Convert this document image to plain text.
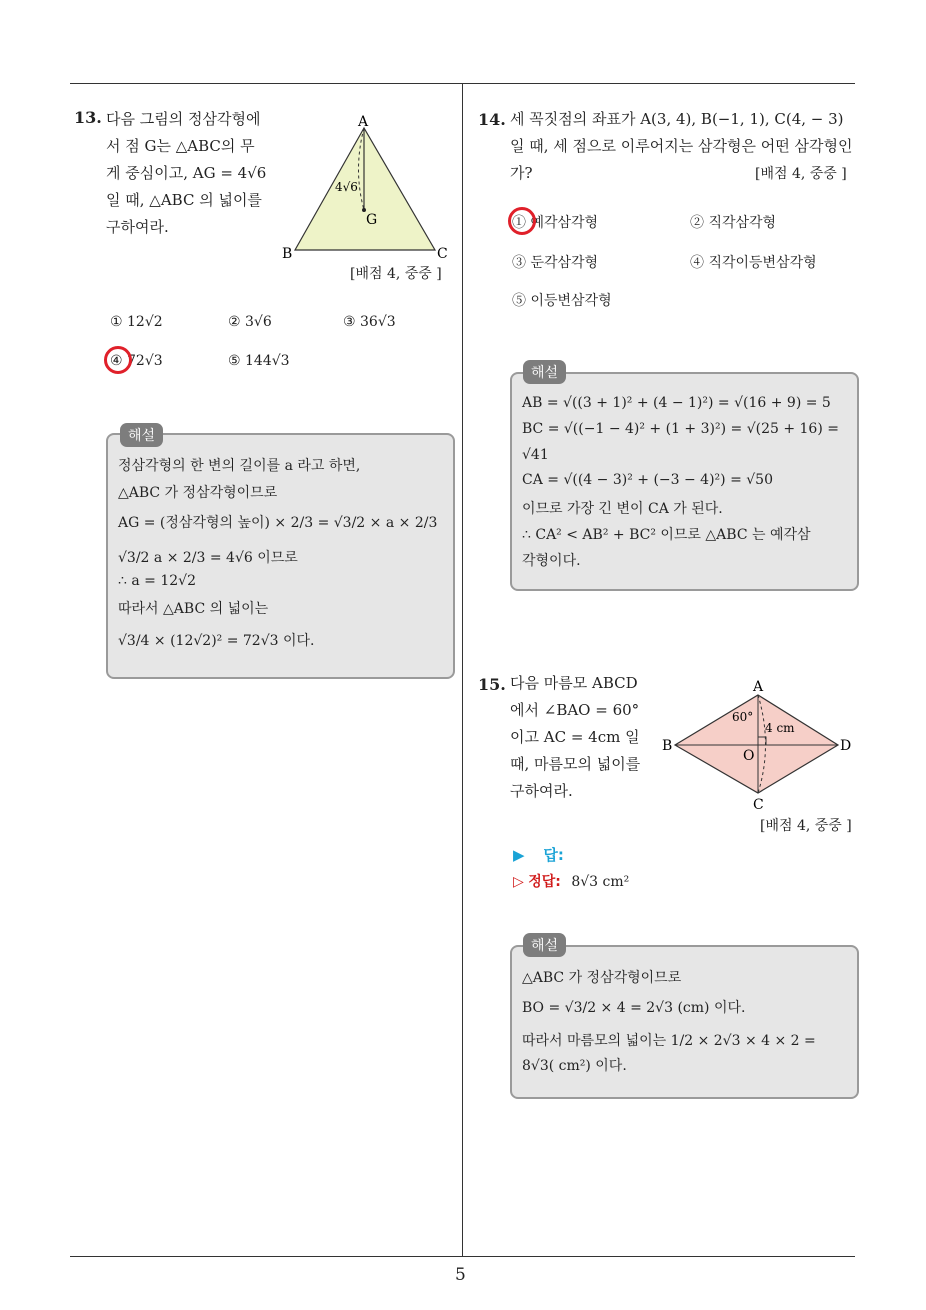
5
13. 다음 그림의 정삼각형에
서 점 G는 △ABC의 무
게 중심이고, AG = 4√6
일 때, △ABC 의 넓이를
구하여라.
A
B	C
G
4√6
[배점 4, 중중 ]
① 12√2	② 3√6	③ 36√3
④ 72√3	⑤ 144√3
해설
정삼각형의 한 변의 길이를 a 라고 하면,
△ABC 가 정삼각형이므로
AG = (정삼각형의 높이) × 2/3 = √3/2 × a × 2/3
√3/2 a × 2/3 = 4√6 이므로
∴ a = 12√2
따라서 △ABC 의 넓이는
√3/4 × (12√2)² = 72√3 이다.
14. 세 꼭짓점의 좌표가 A(3, 4), B(−1, 1), C(4, − 3)
일 때, 세 점으로 이루어지는 삼각형은 어떤 삼각형인
가?	[배점 4, 중중 ]
① 예각삼각형	② 직각삼각형
③ 둔각삼각형	④ 직각이등변삼각형
⑤ 이등변삼각형
해설
AB = √((3 + 1)² + (4 − 1)²) = √(16 + 9) = 5
BC = √((−1 − 4)² + (1 + 3)²) = √(25 + 16) =
√41
CA = √((4 − 3)² + (−3 − 4)²) = √50
이므로 가장 긴 변이 CA 가 된다.
∴ CA² < AB² + BC² 이므로 △ABC 는 예각삼
각형이다.
15. 다음 마름모 ABCD
에서 ∠BAO = 60°
이고 AC = 4cm 일
때, 마름모의 넓이를
구하여라.
A
B
C
D
O
60°
4 cm
[배점 4, 중중 ]
▶ 답:
▷ 정답: 8√3 cm²
해설
△ABC 가 정삼각형이므로
BO = √3/2 × 4 = 2√3 (cm) 이다.
따라서 마름모의 넓이는 1/2 × 2√3 × 4 × 2 =
8√3( cm²) 이다.
